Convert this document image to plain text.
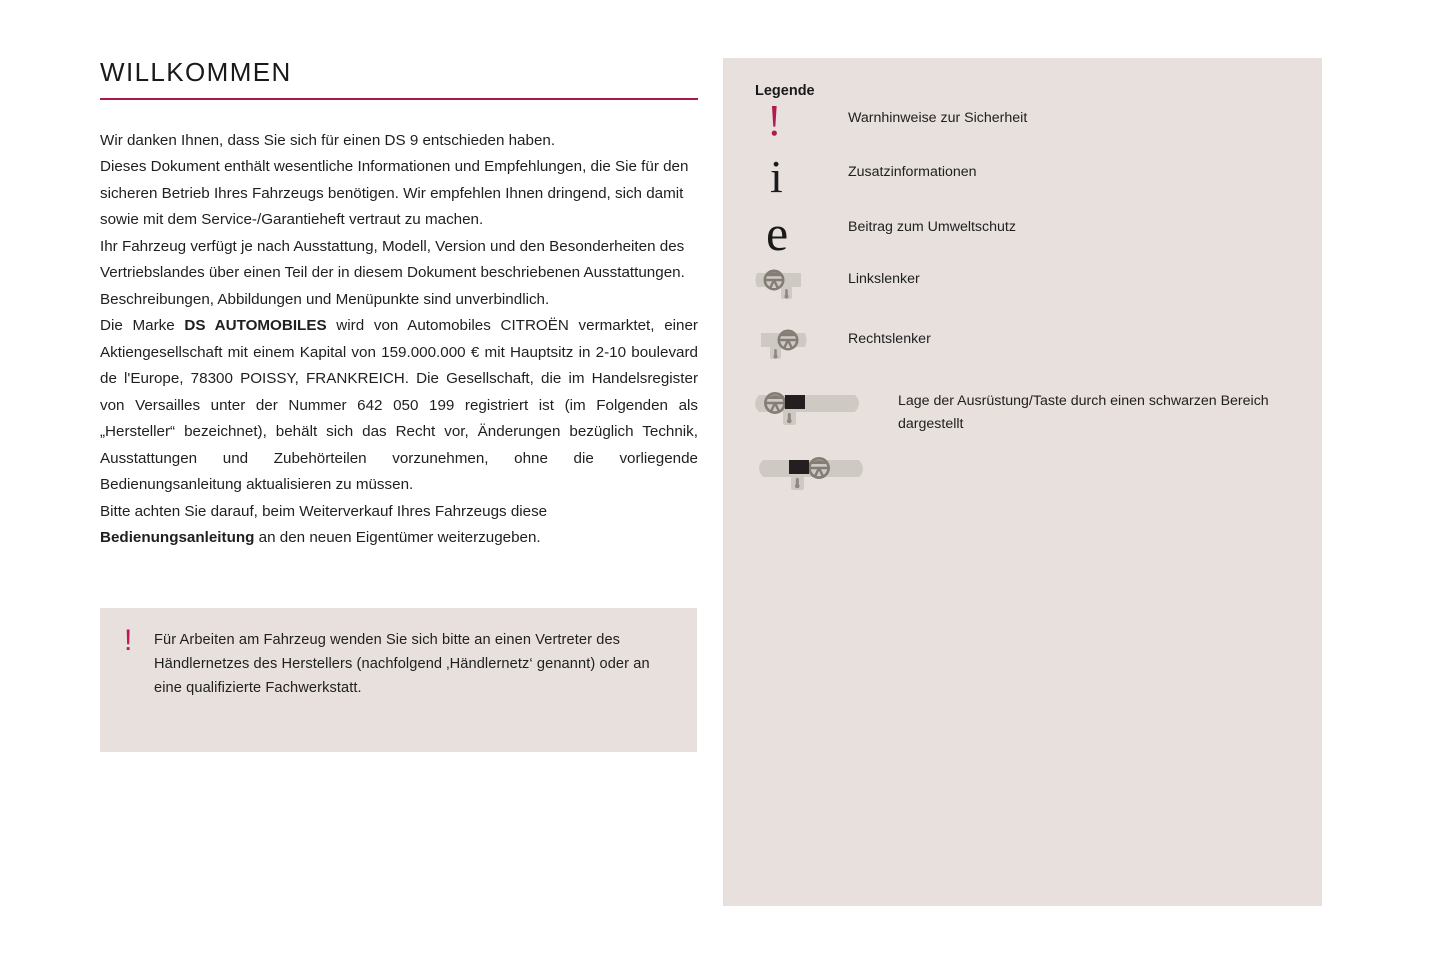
WILLKOMMEN

Wir danken Ihnen, dass Sie sich für einen DS 9 entschieden haben.

Dieses Dokument enthält wesentliche Informationen und Empfehlungen, die Sie für den sicheren Betrieb Ihres Fahrzeugs benötigen. Wir empfehlen Ihnen dringend, sich damit sowie mit dem Service-/Garantieheft vertraut zu machen.

Ihr Fahrzeug verfügt je nach Ausstattung, Modell, Version und den Besonderheiten des Vertriebslandes über einen Teil der in diesem Dokument beschriebenen Ausstattungen. Beschreibungen, Abbildungen und Menüpunkte sind unverbindlich.

Die Marke DS AUTOMOBILES wird von Automobiles CITROËN vermarktet, einer Aktiengesellschaft mit einem Kapital von 159.000.000 € mit Hauptsitz in 2-10 boulevard de l'Europe, 78300 POISSY, FRANKREICH. Die Gesellschaft, die im Handelsregister von Versailles unter der Nummer 642 050 199 registriert ist (im Folgenden als „Hersteller“ bezeichnet), behält sich das Recht vor, Änderungen bezüglich Technik, Ausstattungen und Zubehörteilen vorzunehmen, ohne die vorliegende Bedienungsanleitung aktualisieren zu müssen.

Bitte achten Sie darauf, beim Weiterverkauf Ihres Fahrzeugs diese Bedienungsanleitung an den neuen Eigentümer weiterzugeben.

!	Für Arbeiten am Fahrzeug wenden Sie sich bitte an einen Vertreter des Händlernetzes des Herstellers (nachfolgend ‚Händlernetz‘ genannt) oder an eine qualifizierte Fachwerkstatt.
Legende
!	Warnhinweise zur Sicherheit
i	Zusatzinformationen
e	Beitrag zum Umweltschutz
Linkslenker
Rechtslenker
Lage der Ausrüstung/Taste durch einen schwarzen Bereich dargestellt
